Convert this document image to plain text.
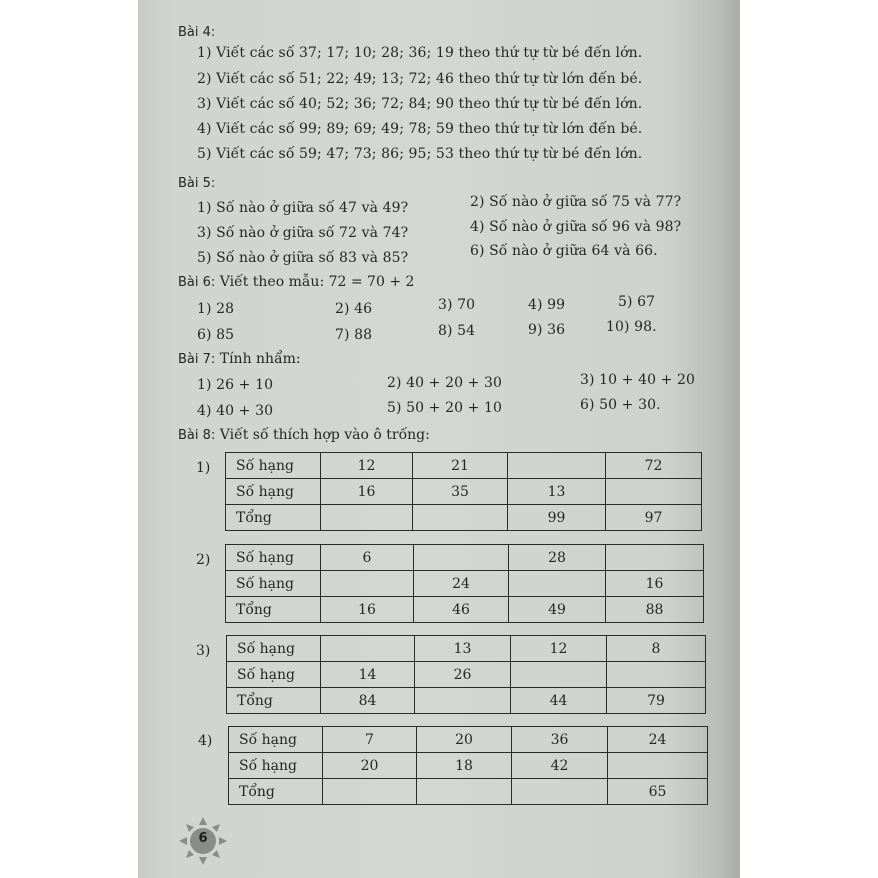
Bài 4:
1) Viết các số 37; 17; 10; 28; 36; 19 theo thứ tự từ bé đến lớn.
2) Viết các số 51; 22; 49; 13; 72; 46 theo thứ tự từ lớn đến bé.
3) Viết các số 40; 52; 36; 72; 84; 90 theo thứ tự từ bé đến lớn.
4) Viết các số 99; 89; 69; 49; 78; 59 theo thứ tự từ lớn đến bé.
5) Viết các số 59; 47; 73; 86; 95; 53 theo thứ tự từ bé đến lớn.
Bài 5:
1) Số nào ở giữa số 47 và 49?	2) Số nào ở giữa số 75 và 77?
3) Số nào ở giữa số 72 và 74?	4) Số nào ở giữa số 96 và 98?
5) Số nào ở giữa số 83 và 85?	6) Số nào ở giữa 64 và 66.
Bài 6: Viết theo mẫu: 72 = 70 + 2
1) 28	2) 46	3) 70	4) 99	5) 67
6) 85	7) 88	8) 54	9) 36	10) 98.
Bài 7: Tính nhẩm:
1) 26 + 10	2) 40 + 20 + 30	3) 10 + 40 + 20
4) 40 + 30	5) 50 + 20 + 10	6) 50 + 30.
Bài 8: Viết số thích hợp vào ô trống:
1) Số hạng	12	21		72
Số hạng	16	35	13	
Tổng			99	97
2) Số hạng	6		28	
Số hạng		24		16
Tổng	16	46	49	88
3) Số hạng		13	12	8
Số hạng	14	26		
Tổng	84		44	79
4) Số hạng	7	20	36	24
Số hạng	20	18	42	
Tổng				65
6
